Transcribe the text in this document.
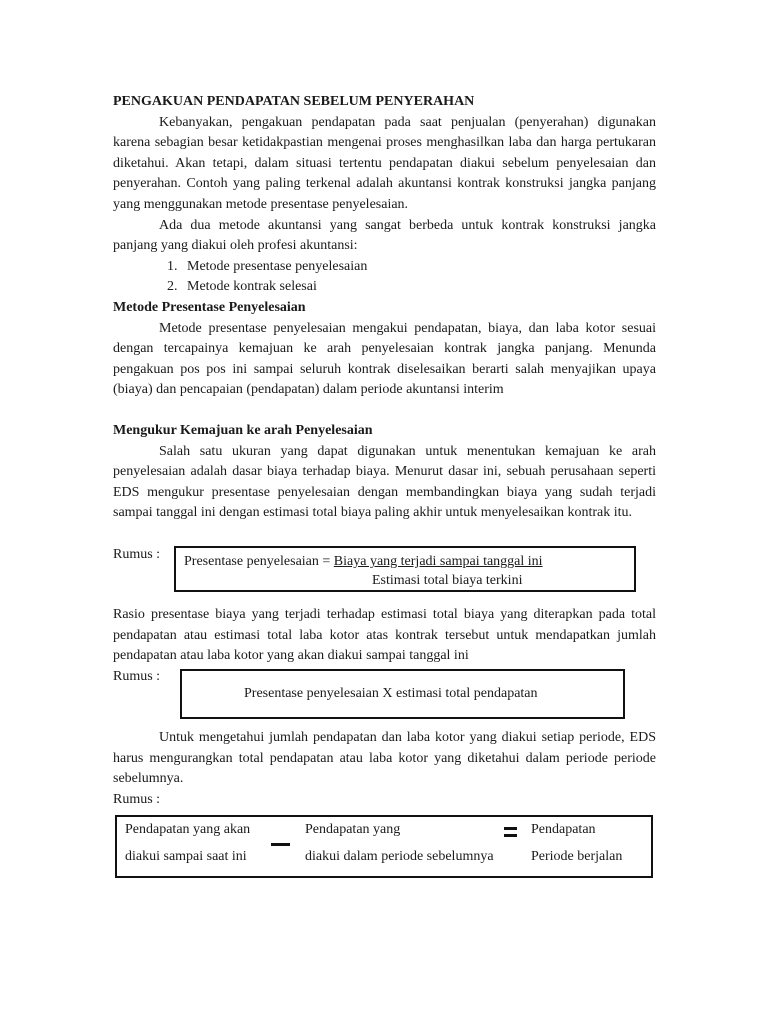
PENGAKUAN PENDAPATAN SEBELUM PENYERAHAN

Kebanyakan, pengakuan pendapatan pada saat penjualan (penyerahan) digunakan karena sebagian besar ketidakpastian mengenai proses menghasilkan laba dan harga pertukaran diketahui. Akan tetapi, dalam situasi tertentu pendapatan diakui sebelum penyelesaian dan penyerahan. Contoh yang paling terkenal adalah akuntansi kontrak konstruksi jangka panjang yang menggunakan metode presentase penyelesaian.

Ada dua metode akuntansi yang sangat berbeda untuk kontrak konstruksi jangka panjang yang diakui oleh profesi akuntansi:

1. Metode presentase penyelesaian
2. Metode kontrak selesai
Metode Presentase Penyelesaian

Metode presentase penyelesaian mengakui pendapatan, biaya, dan laba kotor sesuai dengan tercapainya kemajuan ke arah penyelesaian kontrak jangka panjang. Menunda pengakuan pos pos ini sampai seluruh kontrak diselesaikan berarti salah menyajikan upaya (biaya) dan pencapaian (pendapatan) dalam periode akuntansi interim

Mengukur Kemajuan ke arah Penyelesaian

Salah satu ukuran yang dapat digunakan untuk menentukan kemajuan ke arah penyelesaian adalah dasar biaya terhadap biaya. Menurut dasar ini, sebuah perusahaan seperti EDS mengukur presentase penyelesaian dengan membandingkan biaya yang sudah terjadi sampai tanggal ini dengan estimasi total biaya paling akhir untuk menyelesaikan kontrak itu.

Rumus : Presentase penyelesaian = Biaya yang terjadi sampai tanggal ini
Estimasi total biaya terkini

Rasio presentase biaya yang terjadi terhadap estimasi total biaya yang diterapkan pada total pendapatan atau estimasi total laba kotor atas kontrak tersebut untuk mendapatkan jumlah pendapatan atau laba kotor yang akan diakui sampai tanggal ini

Rumus :
Presentase penyelesaian X estimasi total pendapatan

Untuk mengetahui jumlah pendapatan dan laba kotor yang diakui setiap periode, EDS harus mengurangkan total pendapatan atau laba kotor yang diketahui dalam periode periode sebelumnya.

Rumus :
Pendapatan yang akan
diakui sampai saat ini
Pendapatan yang
diakui dalam periode sebelumnya
Pendapatan
Periode berjalan
